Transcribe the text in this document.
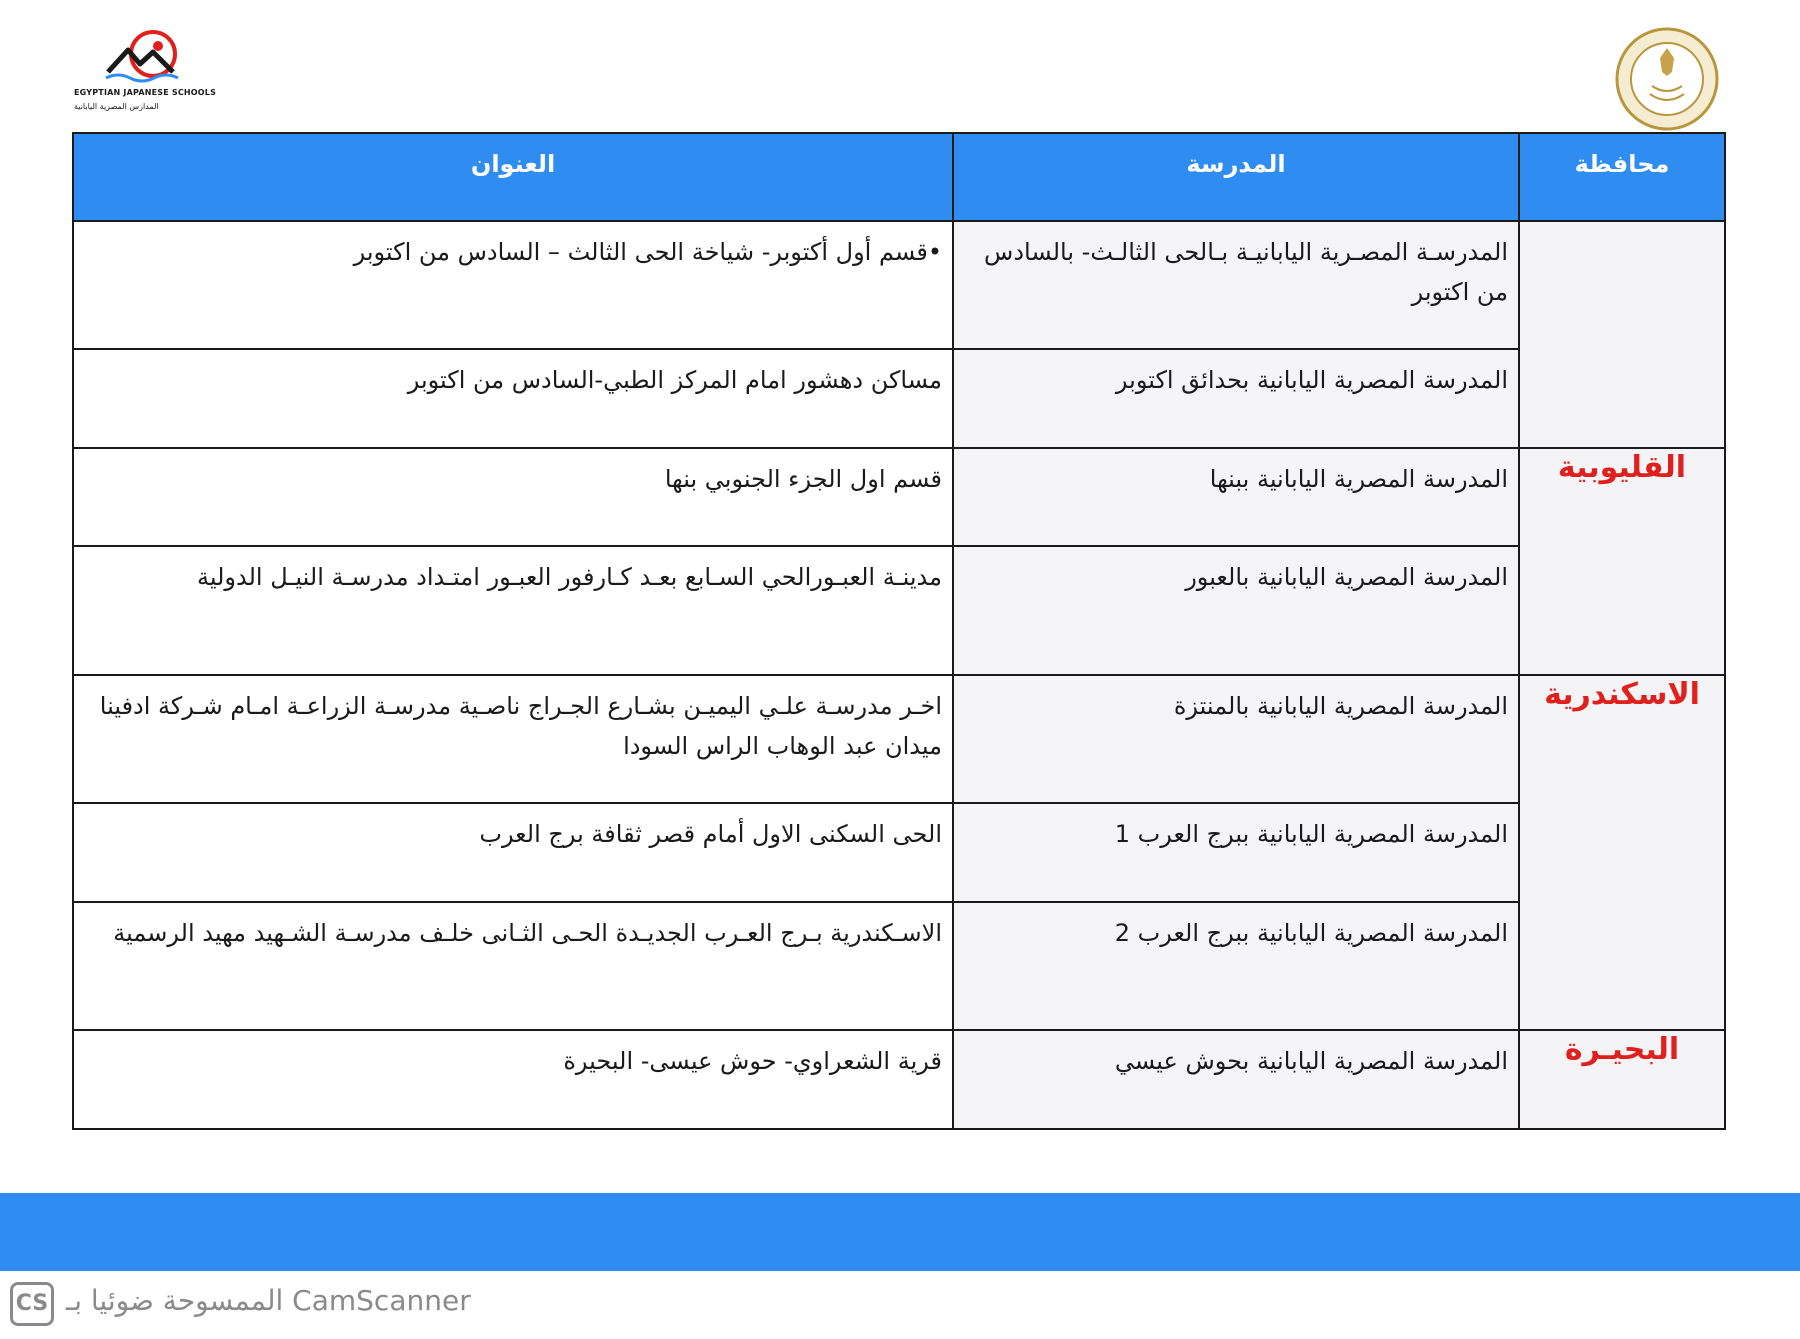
EGYPTIAN JAPANESE SCHOOLS
المدارس المصرية اليابانية
محافظة	المدرسة	العنوان
	المدرسـة المصـرية اليابانيـة بـالحى الثالـث- بالسادس من اكتوبر	•قسم أول أكتوبر- شياخة الحى الثالث – السادس من اكتوبر
	المدرسة المصرية اليابانية بحدائق اكتوبر	مساكن دهشور امام المركز الطبي-السادس من اكتوبر
القليوبية	المدرسة المصرية اليابانية ببنها	قسم اول الجزء الجنوبي بنها
	المدرسة المصرية اليابانية بالعبور	مدينـة العبـورالحي السـابع بعـد كـارفور العبـور امتـداد مدرسـة النيـل الدولية
الاسكندرية	المدرسة المصرية اليابانية بالمنتزة	اخـر مدرسـة علـي اليميـن بشـارع الجـراج ناصـية مدرسـة الزراعـة امـام شـركة ادفينا ميدان عبد الوهاب الراس السودا
	المدرسة المصرية اليابانية ببرج العرب 1	الحى السكنى الاول أمام قصر ثقافة برج العرب
	المدرسة المصرية اليابانية ببرج العرب 2	الاسـكندرية بـرج العـرب الجديـدة الحـى الثـانى خلـف مدرسـة الشـهيد مهيد الرسمية
البحيـرة	المدرسة المصرية اليابانية بحوش عيسي	قرية الشعراوي- حوش عيسى- البحيرة
CS الممسوحة ضوئيا بـ CamScanner
